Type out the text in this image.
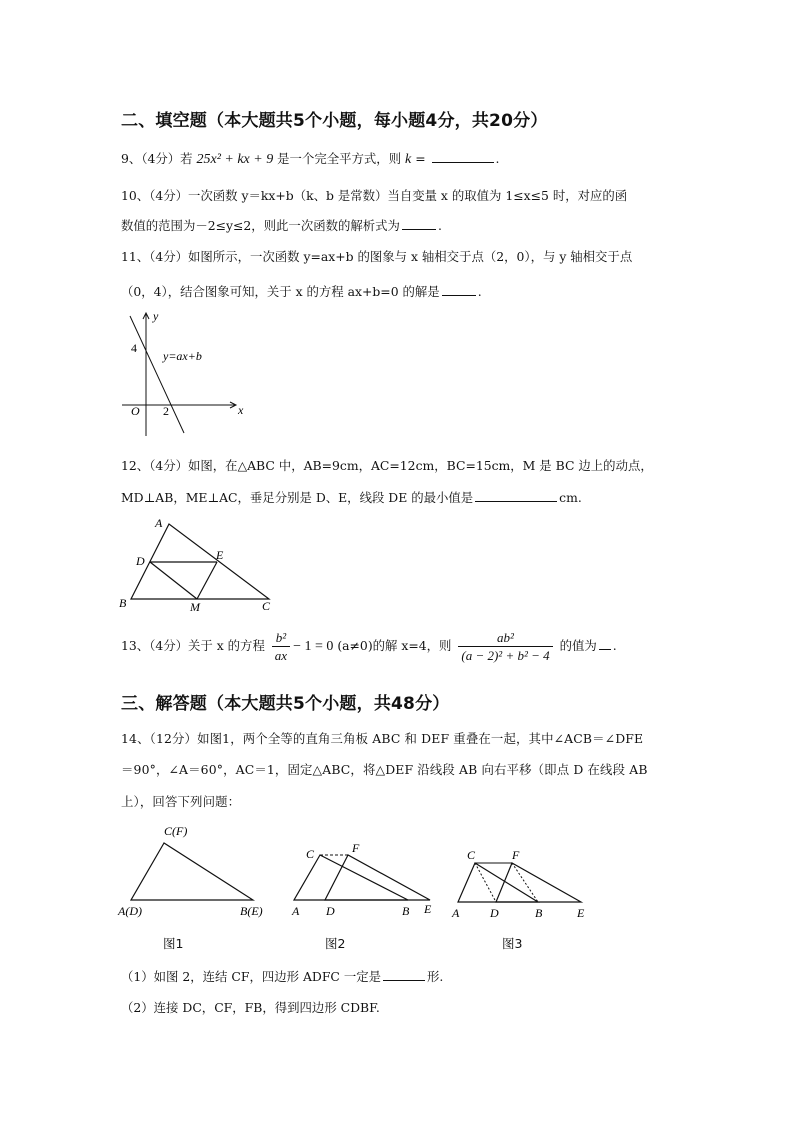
二、填空题（本大题共5个小题，每小题4分，共20分）
9、（4分）若 25x² + kx + 9 是一个完全平方式，则 k =	.
10、（4分）一次函数 y＝kx+b（k、b 是常数）当自变量 x 的取值为 1≤x≤5 时，对应的函
数值的范围为－2≤y≤2，则此一次函数的解析式为	.
11、（4分）如图所示，一次函数 y=ax+b 的图象与 x 轴相交于点（2，0），与 y 轴相交于点
（0，4），结合图象可知，关于 x 的方程 ax+b=0 的解是	.
y
x
O
4
2
y=ax+b
12、（4分）如图，在△ABC 中，AB=9cm，AC=12cm，BC=15cm，M 是 BC 边上的动点，
MD⊥AB，ME⊥AC，垂足分别是 D、E，线段 DE 的最小值是	cm.
A
B	C
D	E
M
13、（4分）关于 x 的方程 $\frac{\text{b²}}{ax} - 1 = 0$ (a≠0)的解 x=4，则 $\frac{\text{ab²}}{\text{(a − 2)² + b² − 4}}$ 的值为 .
三、解答题（本大题共5个小题，共48分）
14、（12分）如图1，两个全等的直角三角板 ABC 和 DEF 重叠在一起，其中∠ACB＝∠DFE
＝90°，∠A＝60°，AC＝1，固定△ABC，将△DEF 沿线段 AB 向右平移（即点 D 在线段 AB
上），回答下列问题：
C(F)
A(D)	B(E)
图1
C	F
A D	B E
图2
C	F
A	D	B	E
图3
（1）如图 2，连结 CF，四边形 ADFC 一定是	形.
（2）连接 DC，CF，FB，得到四边形 CDBF.
